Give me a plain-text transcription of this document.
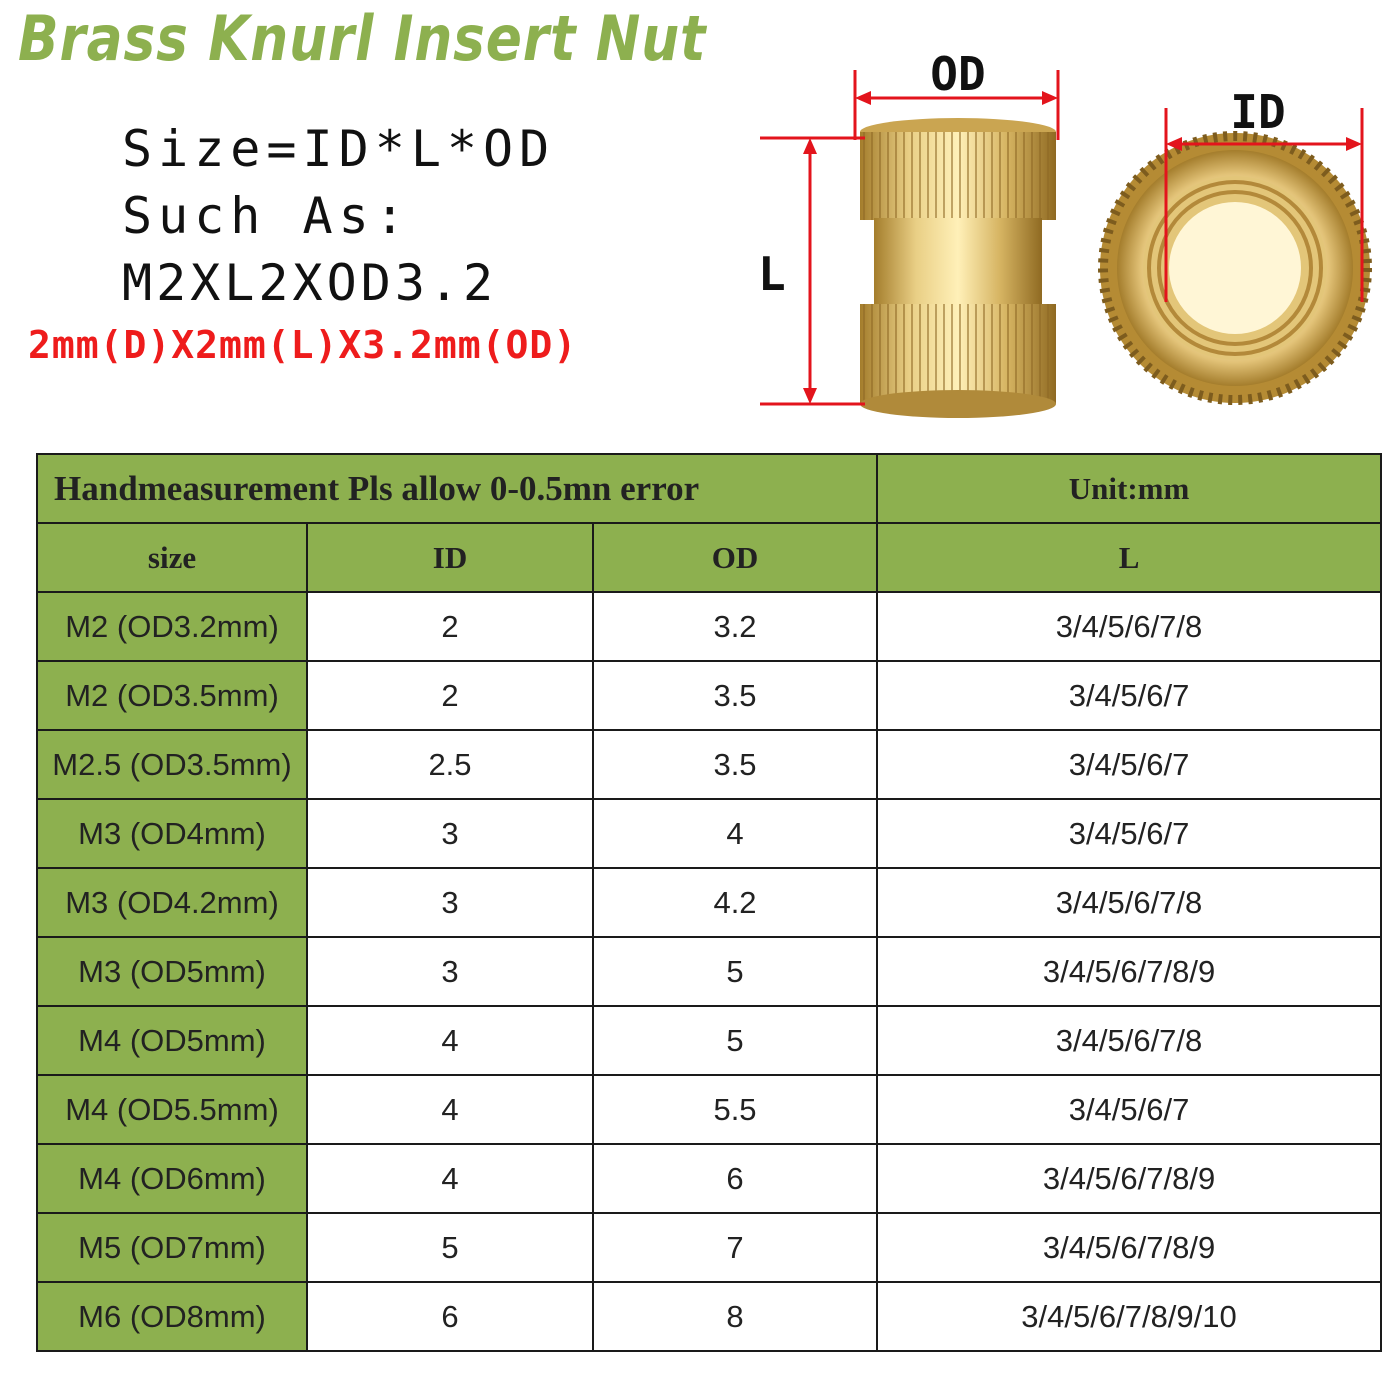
Brass Knurl Insert Nut
Size=ID*L*OD
Such As:
M2XL2XOD3.2
2mm(D)X2mm(L)X3.2mm(OD)
OD
L
ID
Handmeasurement Pls allow 0-0.5mn error			Unit:mm
size	ID	OD	L
M2 (OD3.2mm)	2	3.2	3/4/5/6/7/8
M2 (OD3.5mm)	2	3.5	3/4/5/6/7
M2.5 (OD3.5mm)	2.5	3.5	3/4/5/6/7
M3 (OD4mm)	3	4	3/4/5/6/7
M3 (OD4.2mm)	3	4.2	3/4/5/6/7/8
M3 (OD5mm)	3	5	3/4/5/6/7/8/9
M4 (OD5mm)	4	5	3/4/5/6/7/8
M4 (OD5.5mm)	4	5.5	3/4/5/6/7
M4 (OD6mm)	4	6	3/4/5/6/7/8/9
M5 (OD7mm)	5	7	3/4/5/6/7/8/9
M6 (OD8mm)	6	8	3/4/5/6/7/8/9/10
